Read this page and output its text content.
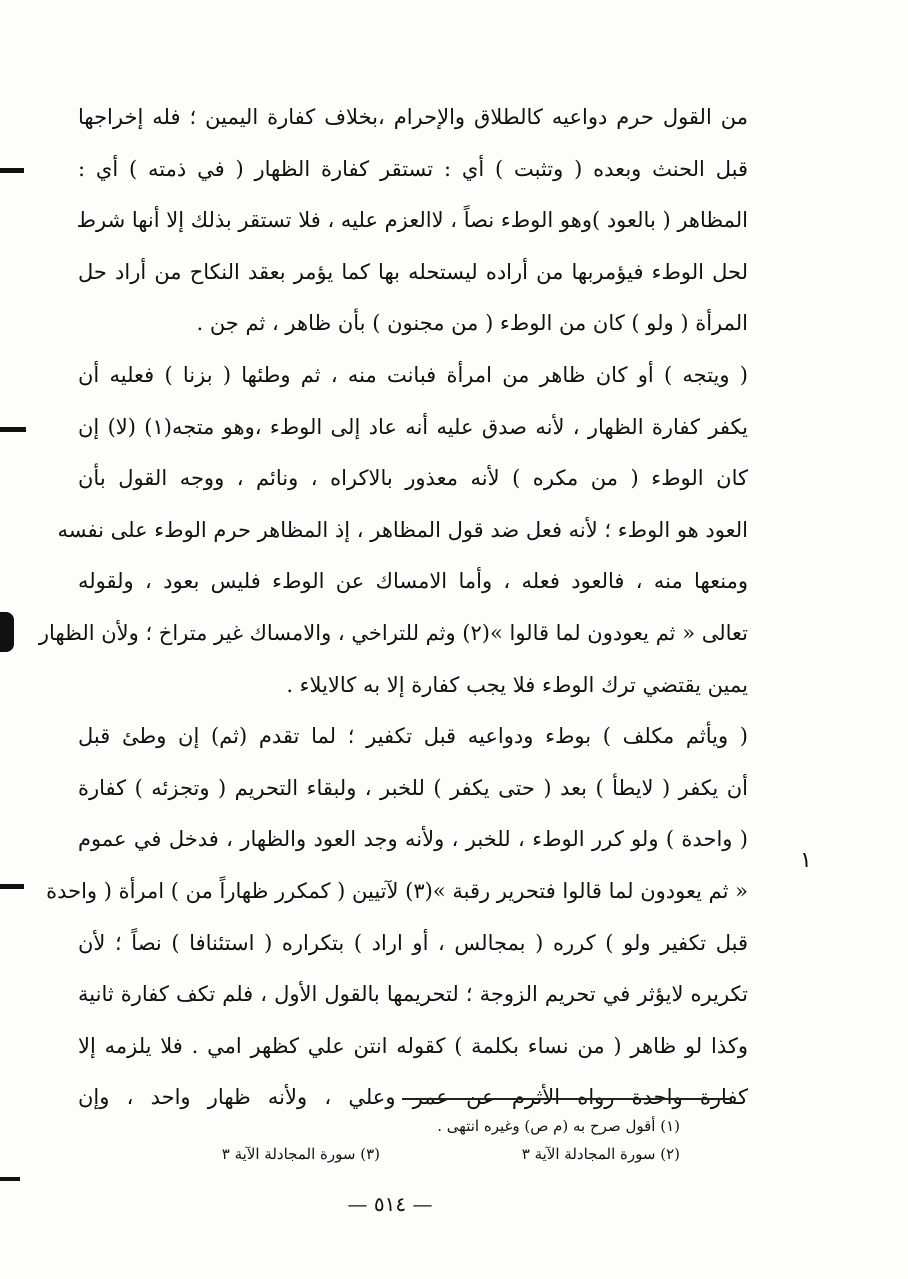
١
من القول حرم دواعيه كالطلاق والإحرام ،بخلاف كفارة اليمين ؛ فله إخراجها
قبل الحنث وبعده ( وتثبت ) أي : تستقر كفارة الظهار ( في ذمته ) أي :
المظاهر ( بالعود )وهو الوطء نصاً ، لاالعزم عليه ، فلا تستقر بذلك إلا أنها شرط
لحل الوطء فيؤمربها من أراده ليستحله بها كما يؤمر بعقد النكاح من أراد حل
المرأة ( ولو ) كان من الوطء ( من مجنون ) بأن ظاهر ، ثم جن .
( ويتجه ) أو كان ظاهر من امرأة فبانت منه ، ثم وطئها ( بزنا ) فعليه أن
يكفر كفارة الظهار ، لأنه صدق عليه أنه عاد إلى الوطء ،وهو متجه(١) (لا) إن
كان الوطء ( من مكره ) لأنه معذور بالاكراه ، ونائم ، ووجه القول بأن
العود هو الوطء ؛ لأنه فعل ضد قول المظاهر ، إذ المظاهر حرم الوطء على نفسه
ومنعها منه ، فالعود فعله ، وأما الامساك عن الوطء فليس بعود ، ولقوله
تعالى « ثم يعودون لما قالوا »(٢) وثم للتراخي ، والامساك غير متراخ ؛ ولأن الظهار
يمين يقتضي ترك الوطء فلا يجب كفارة إلا به كالايلاء .
( ويأثم مكلف ) بوطء ودواعيه قبل تكفير ؛ لما تقدم (ثم) إن وطئ قبل
أن يكفر ( لايطأ ) بعد ( حتى يكفر ) للخبر ، ولبقاء التحريم ( وتجزئه ) كفارة
( واحدة ) ولو كرر الوطء ، للخبر ، ولأنه وجد العود والظهار ، فدخل في عموم
« ثم يعودون لما قالوا فتحرير رقبة »(٣) لآتيين ( كمكرر ظهاراً من ) امرأة ( واحدة
قبل تكفير ولو ) كرره ( بمجالس ، أو اراد ) بتكراره ( استئنافا ) نصاً ؛ لأن
تكريره لايؤثر في تحريم الزوجة ؛ لتحريمها بالقول الأول ، فلم تكف كفارة ثانية
وكذا لو ظاهر ( من نساء بكلمة ) كقوله انتن علي كظهر امي . فلا يلزمه إلا
كفارة واحدة رواه الأثرم عن عمر وعلي ، ولأنه ظهار واحد ، وإن
(١) أقول صرح به (م ص) وغيره انتهى .
(٢) سورة المجادلة الآية ٣
(٣) سورة المجادلة الآية ٣
— ٥١٤ —
